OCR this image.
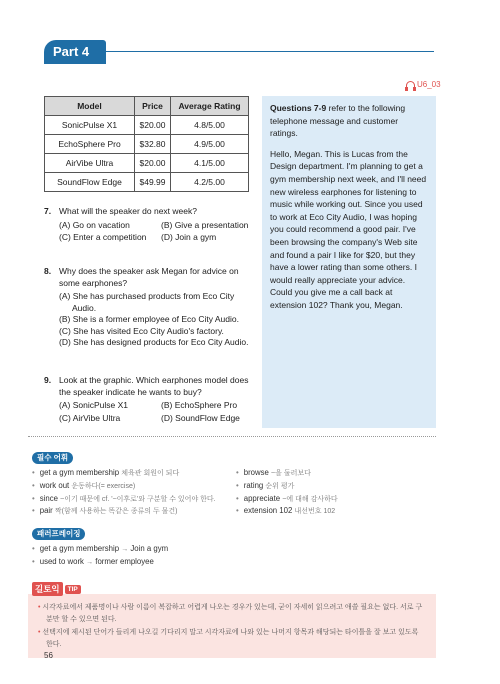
Part 4
U6_03
Model	Price	Average Rating
SonicPulse X1	$20.00	4.8/5.00
EchoSphere Pro	$32.80	4.9/5.00
AirVibe Ultra	$20.00	4.1/5.00
SoundFlow Edge	$49.99	4.2/5.00
7. What will the speaker do next week?
(A) Go on vacation	(B) Give a presentation
(C) Enter a competition	(D) Join a gym
8. Why does the speaker ask Megan for advice on some earphones?
(A) She has purchased products from Eco City Audio.
(B) She is a former employee of Eco City Audio.
(C) She has visited Eco City Audio's factory.
(D) She has designed products for Eco City Audio.
9. Look at the graphic. Which earphones model does the speaker indicate he wants to buy?
(A) SonicPulse X1	(B) EchoSphere Pro
(C) AirVibe Ultra	(D) SoundFlow Edge
Questions 7-9 refer to the following telephone message and customer ratings.
Hello, Megan. This is Lucas from the Design department. I'm planning to get a gym membership next week, and I'll need new wireless earphones for listening to music while working out. Since you used to work at Eco City Audio, I was hoping you could recommend a good pair. I've been browsing the company's Web site and found a pair I like for $20, but they have a lower rating than some others. I would really appreciate your advice. Could you give me a call back at extension 102? Thank you, Megan.
필수 어휘
• get a gym membership 체육관 회원이 되다
• work out 운동하다(= exercise)
• since ~이기 때문에 cf. '~이후로'와 구분할 수 있어야 한다.
• pair 짝(함께 사용하는 똑같은 종류의 두 물건)
• browse ~을 둘러보다
• rating 순위 평가
• appreciate ~에 대해 감사하다
• extension 102 내선번호 102
패러프레이징
• get a gym membership → Join a gym
• used to work → former employee
• 시각자료에서 제품명이나 사람 이름이 복잡하고 어렵게 나오는 경우가 있는데, 굳이 자세히 읽으려고 애쓸 필요는 없다. 서로 구분만 할 수 있으면 된다.
• 선택지에 제시된 단어가 들리게 나오길 기다리지 말고 시각자료에 나와 있는 나머지 항목과 해당되는 타이틀을 잘 보고 있도록 한다.
길토익	TIP
56
